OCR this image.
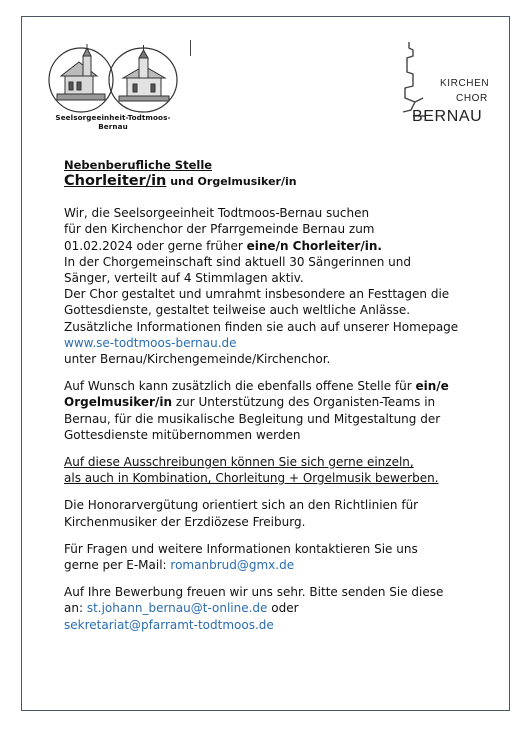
Seelsorgeeinheit-Todtmoos-Bernau
KIRCHEN
CHOR
BERNAU

Nebenberufliche Stelle

Chorleiter/in und Orgelmusiker/in

Wir, die Seelsorgeeinheit Todtmoos-Bernau suchen

für den Kirchenchor der Pfarrgemeinde Bernau zum

01.02.2024 oder gerne früher eine/n Chorleiter/in.

In der Chorgemeinschaft sind aktuell 30 Sängerinnen und

Sänger, verteilt auf 4 Stimmlagen aktiv.

Der Chor gestaltet und umrahmt insbesondere an Festtagen die

Gottesdienste, gestaltet teilweise auch weltliche Anlässe.

Zusätzliche Informationen finden sie auch auf unserer Homepage

www.se-todtmoos-bernau.de

unter Bernau/Kirchengemeinde/Kirchenchor.

Auf Wunsch kann zusätzlich die ebenfalls offene Stelle für ein/e

Orgelmusiker/in zur Unterstützung des Organisten-Teams in

Bernau, für die musikalische Begleitung und Mitgestaltung der

Gottesdienste mitübernommen werden

Auf diese Ausschreibungen können Sie sich gerne einzeln,

als auch in Kombination, Chorleitung + Orgelmusik bewerben.

Die Honorarvergütung orientiert sich an den Richtlinien für

Kirchenmusiker der Erzdiözese Freiburg.

Für Fragen und weitere Informationen kontaktieren Sie uns

gerne per E-Mail: romanbrud@gmx.de

Auf Ihre Bewerbung freuen wir uns sehr. Bitte senden Sie diese

an: st.johann_bernau@t-online.de oder

sekretariat@pfarramt-todtmoos.de
